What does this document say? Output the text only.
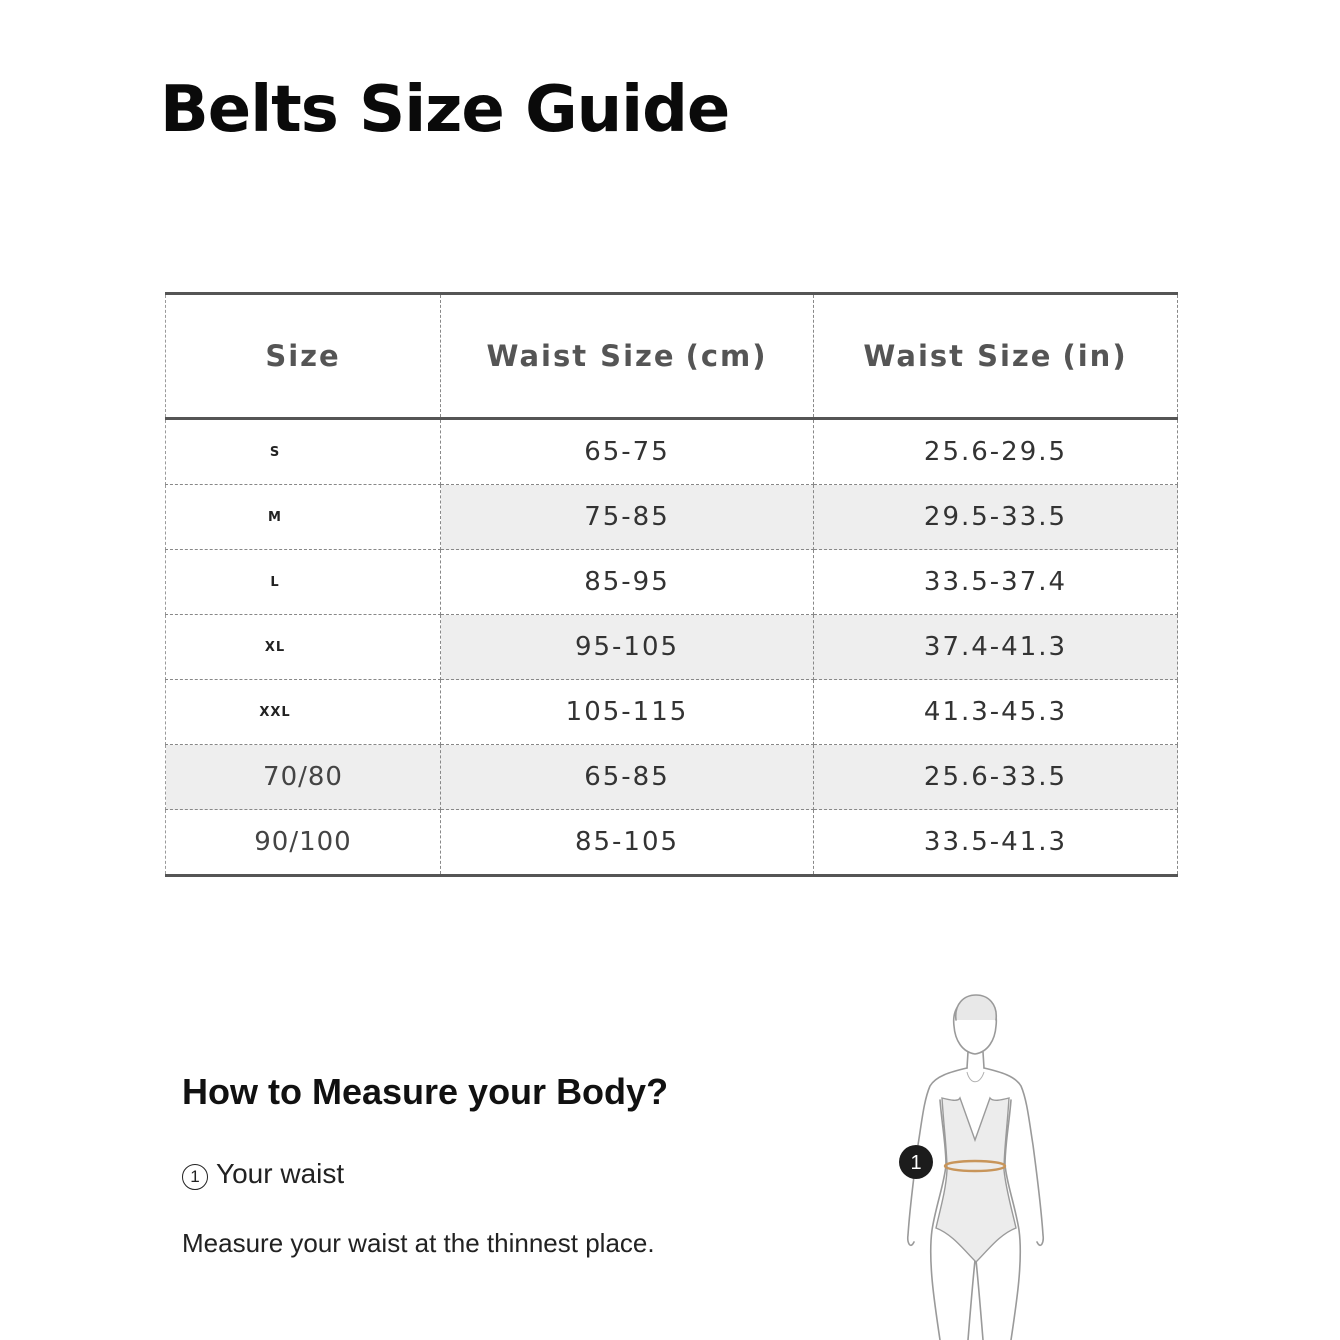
Belts Size Guide
Size	Waist Size (cm)	Waist Size (in)
S	65-75	25.6-29.5
M	75-85	29.5-33.5
L	85-95	33.5-37.4
XL	95-105	37.4-41.3
XXL	105-115	41.3-45.3
70/80	65-85	25.6-33.5
90/100	85-105	33.5-41.3
How to Measure your Body?
1 Your waist
Measure your waist at the thinnest place.
1
